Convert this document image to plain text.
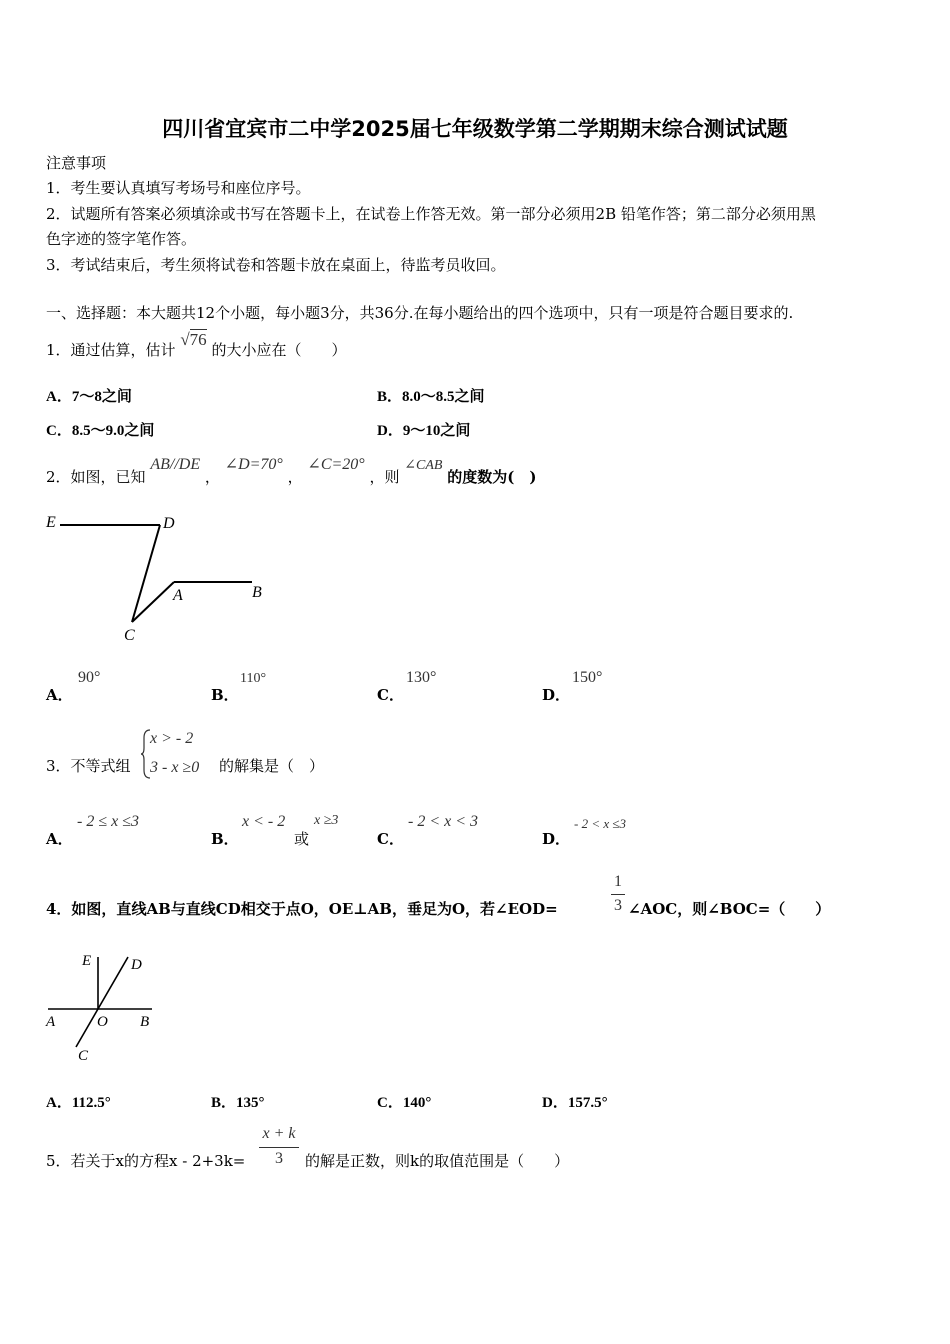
四川省宜宾市二中学2025届七年级数学第二学期期末综合测试试题
注意事项
1．考生要认真填写考场号和座位序号。
2．试题所有答案必须填涂或书写在答题卡上，在试卷上作答无效。第一部分必须用2B 铅笔作答；第二部分必须用黑
色字迹的签字笔作答。
3．考试结束后，考生须将试卷和答题卡放在桌面上，待监考员收回。
一、选择题：本大题共12个小题，每小题3分，共36分.在每小题给出的四个选项中，只有一项是符合题目要求的.
1．通过估算，估计 √76 的大小应在（　　）
A．7～8之间	B．8.0～8.5之间
C．8.5～9.0之间	D．9～10之间
2．如图，已知 AB//DE ， ∠D=70° ， ∠C=20° ，则 ∠CAB 的度数为(　)
E	D
A	B
C
A．
90°
B．
110°
C．
130°
D．
150°
3．不等式组
x > - 2
3 - x ≥0 的解集是（　）
A．
- 2 ≤ x ≤3
B．
x < - 2
或
x ≥3
C．
- 2 < x < 3
D．
- 2 < x ≤3
4．如图，直线AB与直线CD相交于点O，OE⊥AB，垂足为O，若∠EOD=
1
3 ∠AOC，则∠BOC=（　　）
E	D
A	O B
C
A．112.5°	B．135°	C．140°	D．157.5°
5．若关于x的方程x - 2+3k=
x + k
3	的解是正数，则k的取值范围是（　　）
